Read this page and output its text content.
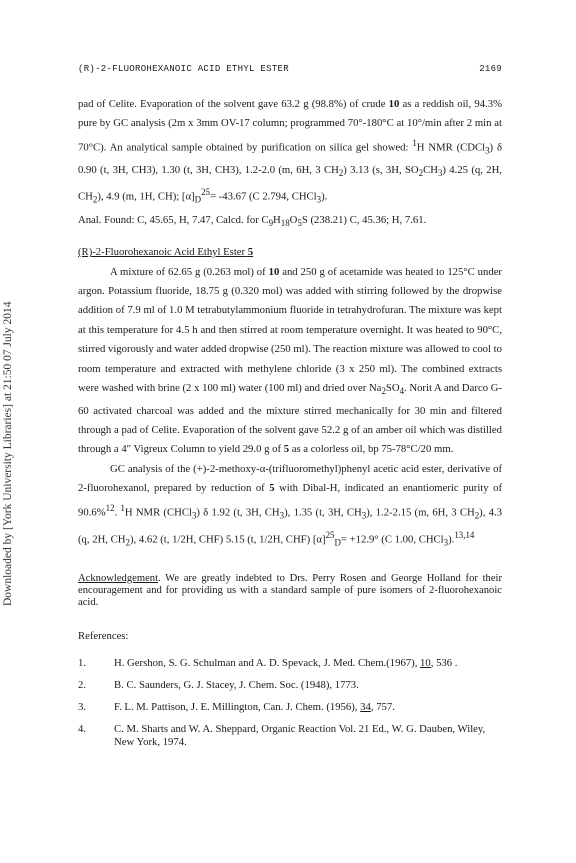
(R)-2-FLUOROHEXANOIC ACID ETHYL ESTER	2169
Downloaded by [York University Libraries] at 21:50 07 July 2014

pad of Celite. Evaporation of the solvent gave 63.2 g (98.8%) of crude 10 as a reddish oil, 94.3% pure by GC analysis (2m x 3mm OV-17 column; programmed 70°-180°C at 10°/min after 2 min at 70°C). An analytical sample obtained by purification on silica gel showed: $^1$H NMR (CDCl$_3$) δ 0.90 (t, 3H, CH3), 1.30 (t, 3H, CH3), 1.2-2.0 (m, 6H, 3 $CH_2$) 3.13 (s, 3H, $SO_2CH_3$) 4.25 (q, 2H, $CH_2$), 4.9 (m, 1H, CH); $[\alpha]_D^{25}= -43.67$ (C 2.794, CHCl$_3$).

Anal. Found: C, 45.65, H, 7.47, Calcd. for $C_9H_{18}O_5S$ (238.21) C, 45.36; H, 7.61.

(R)-2-Fluorohexanoic Acid Ethyl Ester 5

A mixture of 62.65 g (0.263 mol) of 10 and 250 g of acetamide was heated to 125°C under argon. Potassium fluoride, 18.75 g (0.320 mol) was added with stirring followed by the dropwise addition of 7.9 ml of 1.0 M tetrabutylammonium fluoride in tetrahydrofuran. The mixture was kept at this temperature for 4.5 h and then stirred at room temperature overnight. It was heated to 90°C, stirred vigorously and water added dropwise (250 ml). The reaction mixture was allowed to cool to room temperature and extracted with methylene chloride (3 x 250 ml). The combined extracts were washed with brine (2 x 100 ml) water (100 ml) and dried over $Na_2SO_4$. Norit A and Darco G-60 activated charcoal was added and the mixture stirred mechanically for 30 min and filtered through a pad of Celite. Evaporation of the solvent gave 52.2 g of an amber oil which was distilled through a 4" Vigreux Column to yield 29.0 g of 5 as a colorless oil, bp 75-78°C/20 mm.

GC analysis of the (+)-2-methoxy-α-(trifluoromethyl)phenyl acetic acid ester, derivative of 2-fluorohexanol, prepared by reduction of 5 with Dibal-H, indicated an enantiomeric purity of 90.6%$^{12}$. $^1$H NMR (CHCl$_3$) δ 1.92 (t, 3H, $CH_3$), 1.35 (t, 3H, $CH_3$), 1.2-2.15 (m, 6H, 3 $CH_2$), 4.3 (q, 2H, $CH_2$), 4.62 (t, 1/2H, CHF) 5.15 (t, 1/2H, CHF) $[\alpha]^{25}_D= +12.9^\circ$ (C 1.00, CHCl$_3$).$^{13,14}$

Acknowledgement. We are greatly indebted to Drs. Perry Rosen and George Holland for their encouragement and for providing us with a standard sample of pure isomers of 2-fluorohexanoic acid.

References:

1.	H. Gershon, S. G. Schulman and A. D. Spevack, J. Med. Chem.(1967), 10, 536 .
2.	B. C. Saunders, G. J. Stacey, J. Chem. Soc. (1948), 1773.
3.	F. L. M. Pattison, J. E. Millington, Can. J. Chem. (1956), 34, 757.
4.	C. M. Sharts and W. A. Sheppard, Organic Reaction Vol. 21 Ed., W. G. Dauben, Wiley, New York, 1974.
